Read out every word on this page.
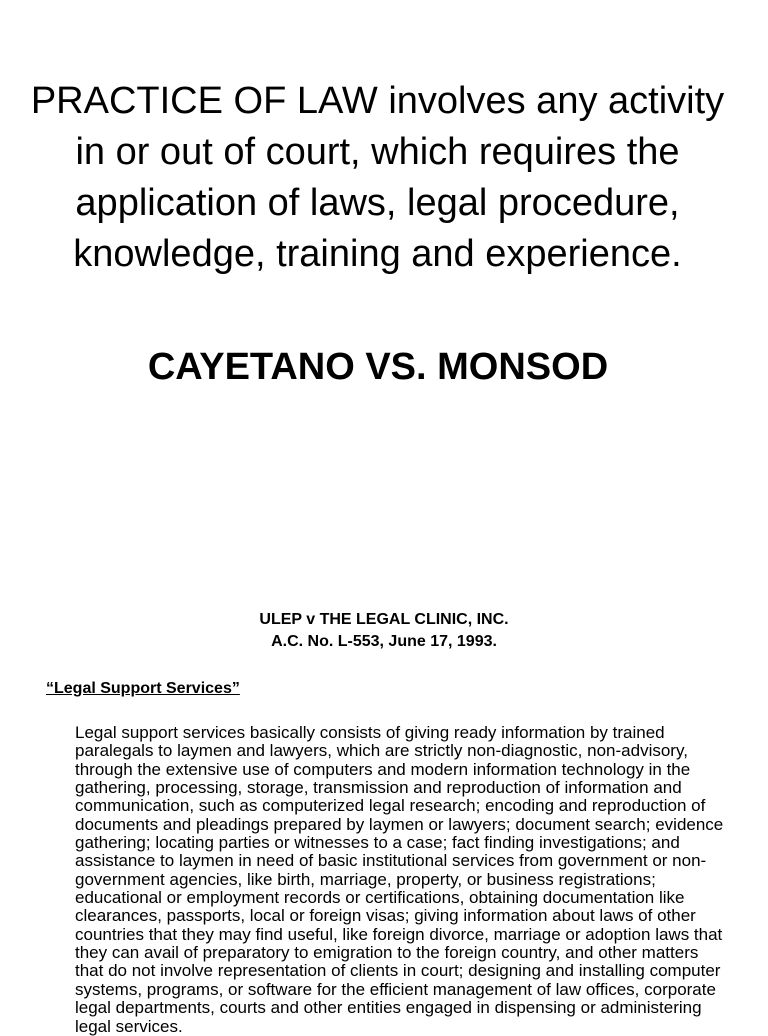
PRACTICE OF LAW involves any activity in or out of court, which requires the application of laws, legal procedure, knowledge, training and experience.
CAYETANO VS. MONSOD
ULEP v THE LEGAL CLINIC, INC.
A.C. No. L-553, June 17, 1993.
“Legal Support Services”

Legal support services basically consists of giving ready information by trained paralegals to laymen and lawyers, which are strictly non-diagnostic, non-advisory, through the extensive use of computers and modern information technology in the gathering, processing, storage, transmission and reproduction of information and communication, such as computerized legal research; encoding and reproduction of documents and pleadings prepared by laymen or lawyers; document search; evidence gathering; locating parties or witnesses to a case; fact finding investigations; and assistance to laymen in need of basic institutional services from government or non-government agencies, like birth, marriage, property, or business registrations; educational or employment records or certifications, obtaining documentation like clearances, passports, local or foreign visas; giving information about laws of other countries that they may find useful, like foreign divorce, marriage or adoption laws that they can avail of preparatory to emigration to the foreign country, and other matters that do not involve representation of clients in court; designing and installing computer systems, programs, or software for the efficient management of law offices, corporate legal departments, courts and other entities engaged in dispensing or administering legal services.
